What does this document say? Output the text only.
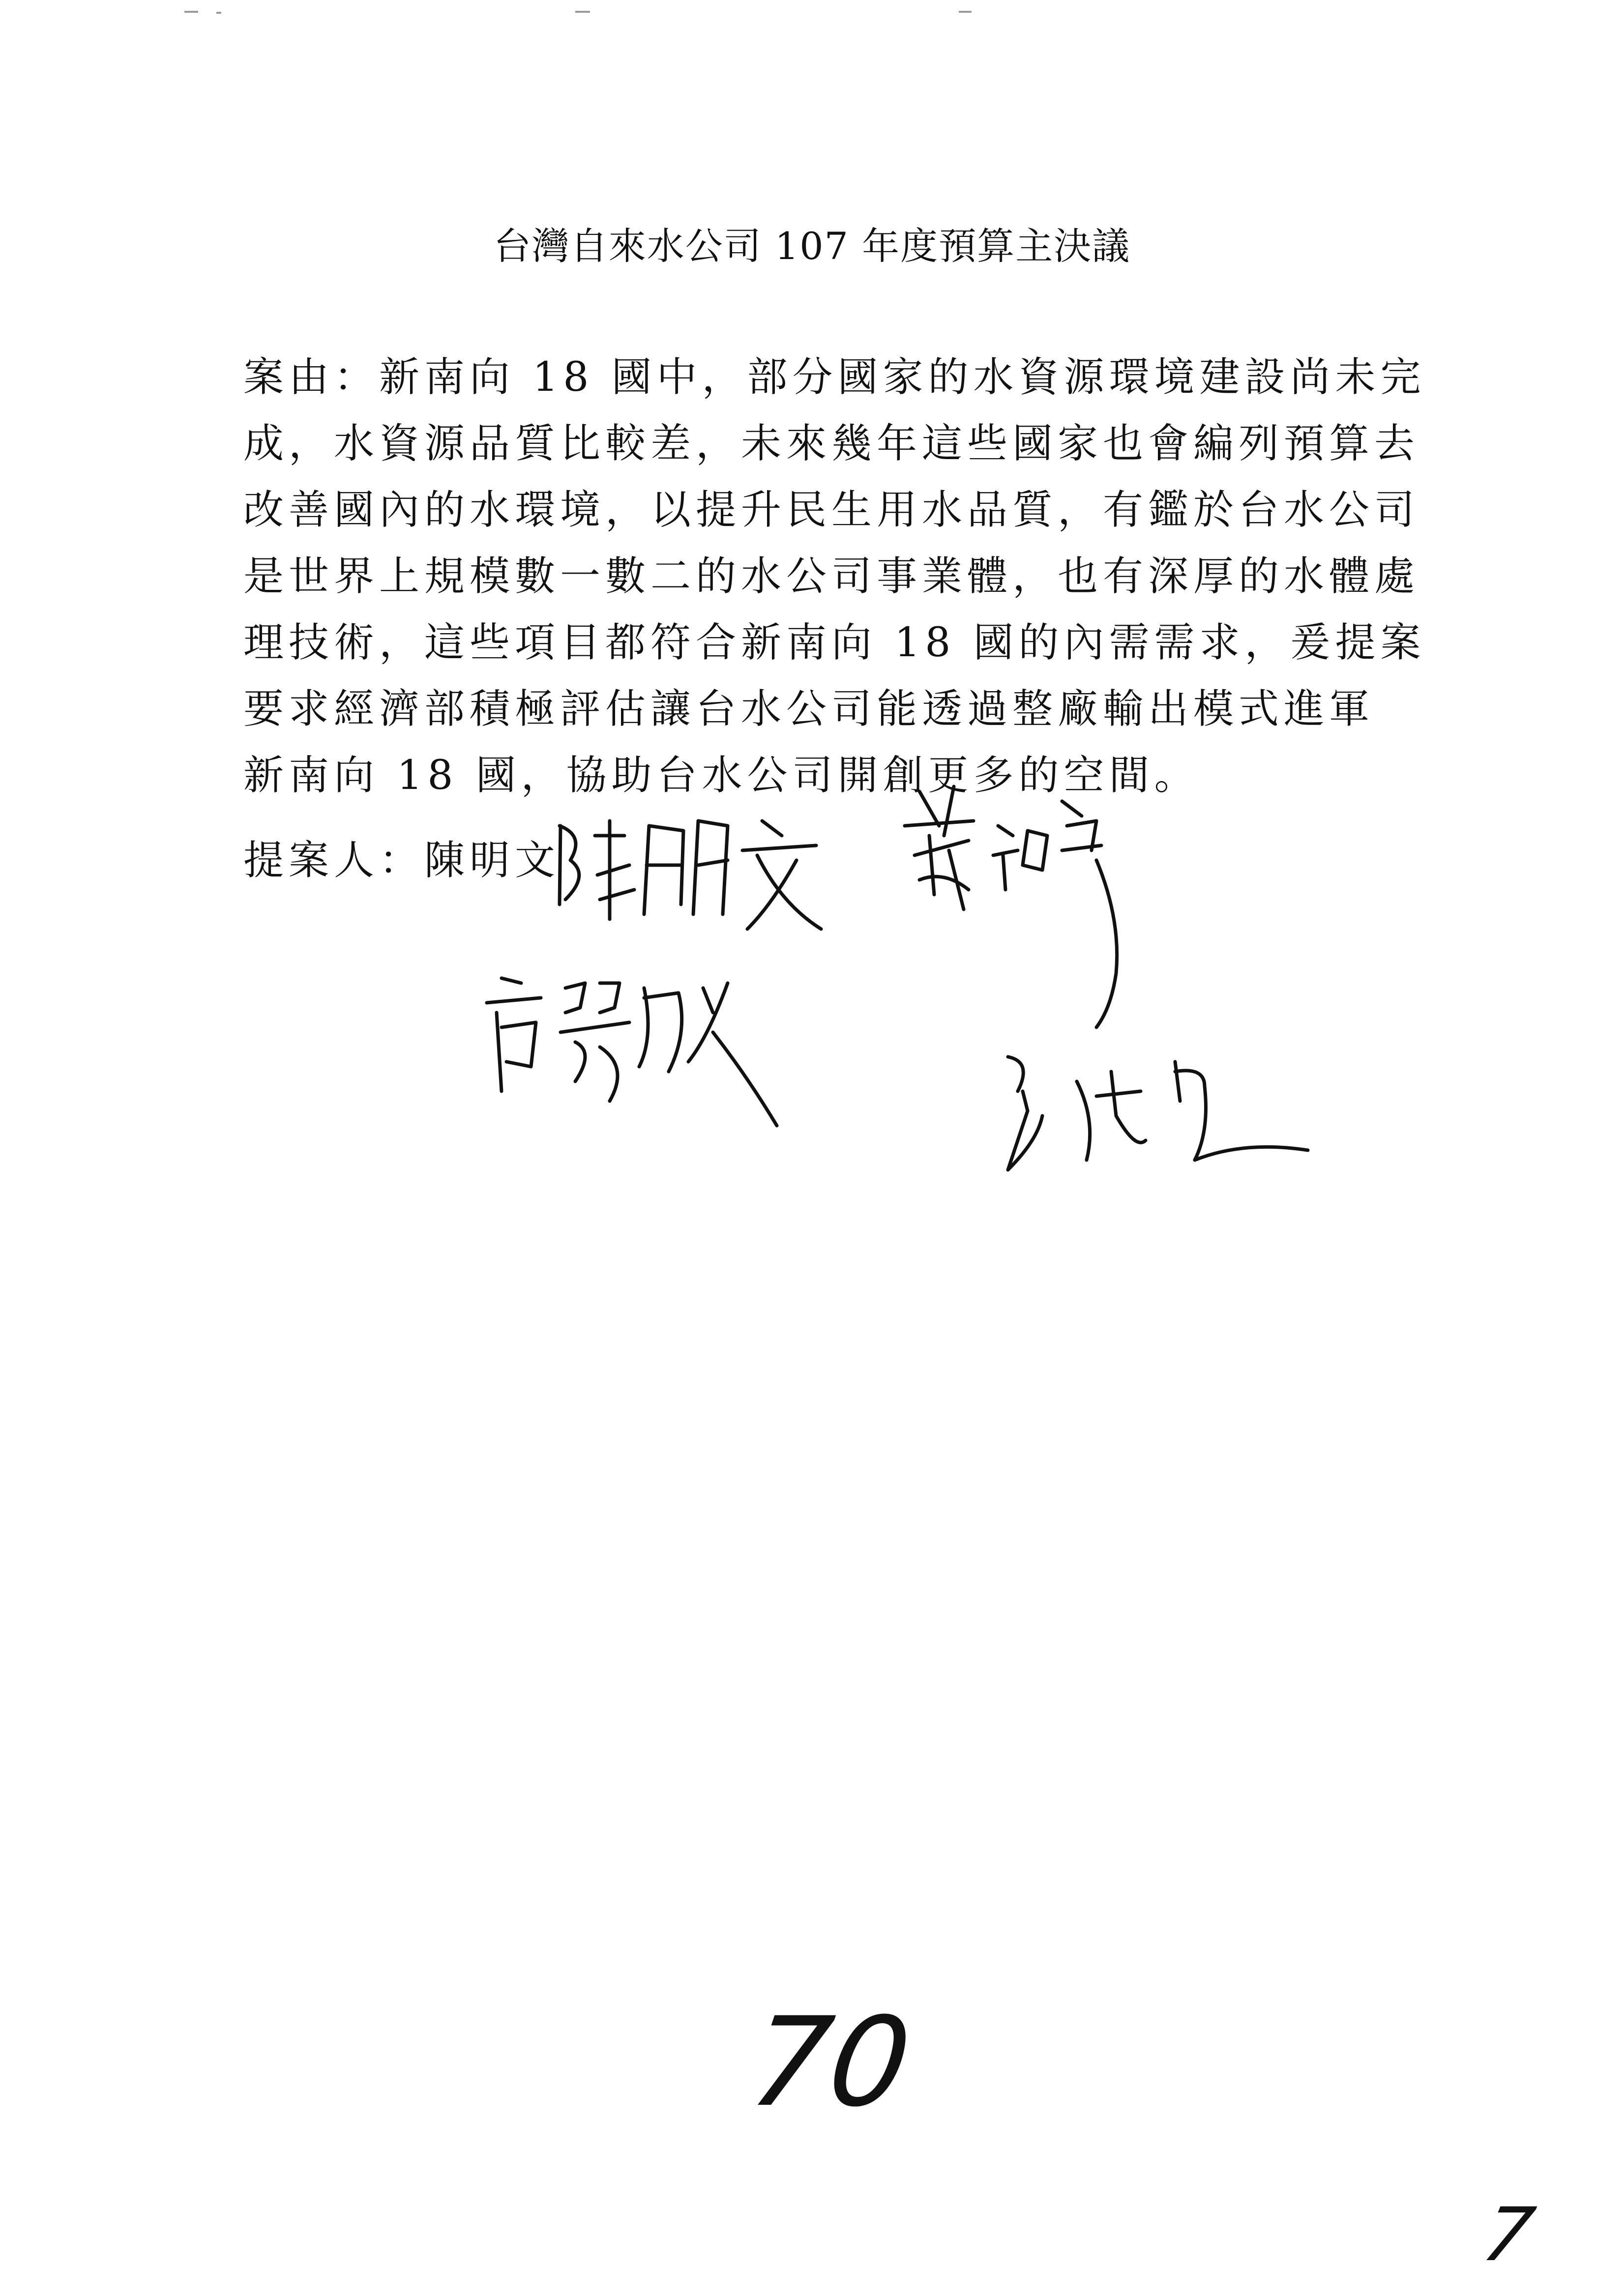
台灣自來水公司 107 年度預算主決議
案由：新南向 18 國中，部分國家的水資源環境建設尚未完
成，水資源品質比較差，未來幾年這些國家也會編列預算去
改善國內的水環境，以提升民生用水品質，有鑑於台水公司
是世界上規模數一數二的水公司事業體，也有深厚的水體處
理技術，這些項目都符合新南向 18 國的內需需求，爰提案
要求經濟部積極評估讓台水公司能透過整廠輸出模式進軍
新南向 18 國，協助台水公司開創更多的空間。
提案人：陳明文
70
7
